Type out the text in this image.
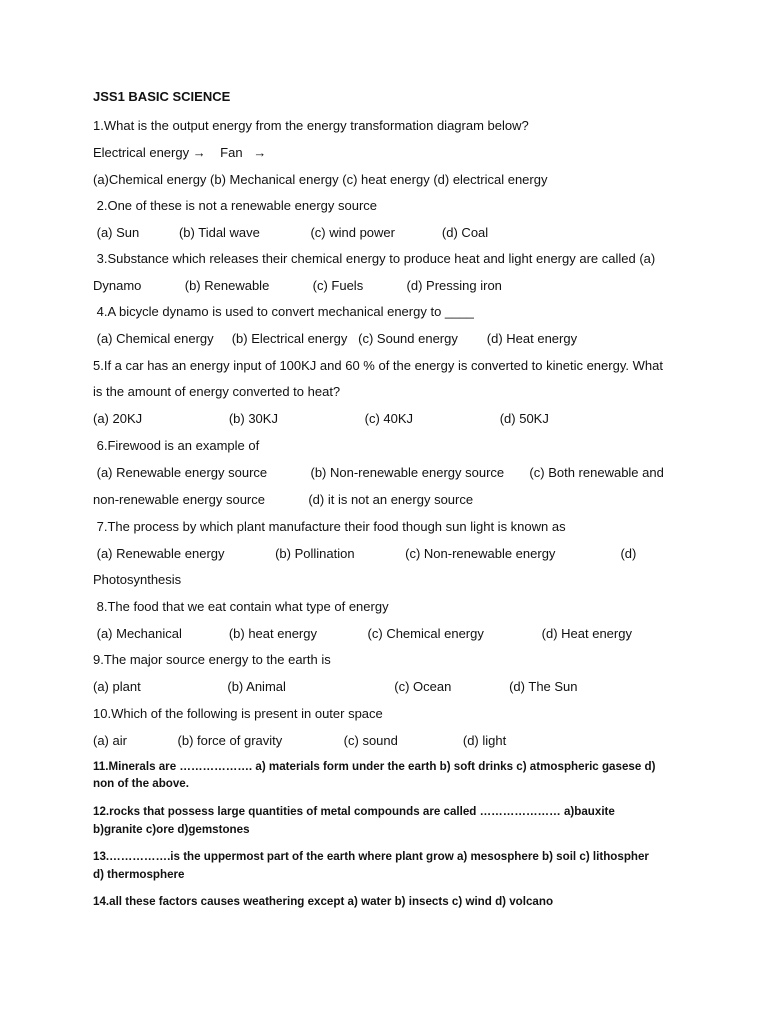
JSS1 BASIC SCIENCE
1.What is the output energy from the energy transformation diagram below?
Electrical energy →    Fan   →
(a)Chemical energy (b) Mechanical energy (c) heat energy (d) electrical energy
2.One of these is not a renewable energy source
(a) Sun           (b) Tidal wave              (c) wind power             (d) Coal
3.Substance which releases their chemical energy to produce heat and light energy are called (a)
Dynamo            (b) Renewable            (c) Fuels            (d) Pressing iron
4.A bicycle dynamo is used to convert mechanical energy to ____
(a) Chemical energy     (b) Electrical energy   (c) Sound energy        (d) Heat energy
5.If a car has an energy input of 100KJ and 60 % of the energy is converted to kinetic energy. What
is the amount of energy converted to heat?
(a) 20KJ                        (b) 30KJ                        (c) 40KJ                        (d) 50KJ
6.Firewood is an example of
(a) Renewable energy source            (b) Non-renewable energy source       (c) Both renewable and
non-renewable energy source            (d) it is not an energy source
7.The process by which plant manufacture their food though sun light is known as
(a) Renewable energy              (b) Pollination              (c) Non-renewable energy                  (d)
Photosynthesis
8.The food that we eat contain what type of energy
(a) Mechanical             (b) heat energy              (c) Chemical energy                (d) Heat energy
9.The major source energy to the earth is
(a) plant                        (b) Animal                              (c) Ocean                (d) The Sun
10.Which of the following is present in outer space
(a) air              (b) force of gravity                 (c) sound                  (d) light
11.Minerals are ………………. a) materials form under the earth b) soft drinks c) atmospheric gasese d)
non of the above.
12.rocks that possess large quantities of metal compounds are called ………………… a)bauxite
b)granite c)ore d)gemstones
13.…………….is the uppermost part of the earth where plant grow a) mesosphere b) soil c) lithospher
d) thermosphere
14.all these factors causes weathering except a) water b) insects c) wind d) volcano
